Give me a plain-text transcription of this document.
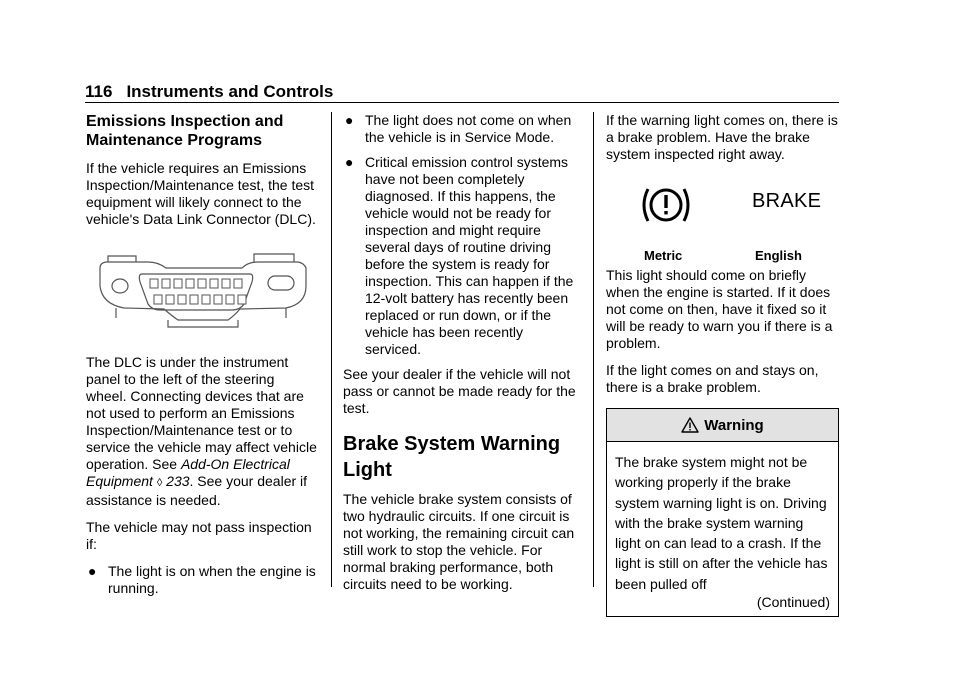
116 Instruments and Controls
Emissions Inspection and Maintenance Programs

If the vehicle requires an Emissions Inspection/Maintenance test, the test equipment will likely connect to the vehicle's Data Link Connector (DLC).

The DLC is under the instrument panel to the left of the steering wheel. Connecting devices that are not used to perform an Emissions Inspection/Maintenance test or to service the vehicle may affect vehicle operation. See Add-On Electrical Equipment ◊ 233. See your dealer if assistance is needed.

The vehicle may not pass inspection if:

● The light is on when the engine is running.
● The light does not come on when the vehicle is in Service Mode.
● Critical emission control systems have not been completely diagnosed. If this happens, the vehicle would not be ready for inspection and might require several days of routine driving before the system is ready for inspection. This can happen if the 12-volt battery has recently been replaced or run down, or if the vehicle has been recently serviced.

See your dealer if the vehicle will not pass or cannot be made ready for the test.

Brake System Warning Light

The vehicle brake system consists of two hydraulic circuits. If one circuit is not working, the remaining circuit can still work to stop the vehicle. For normal braking performance, both circuits need to be working.

If the warning light comes on, there is a brake problem. Have the brake system inspected right away.

BRAKE
Metric	English

This light should come on briefly when the engine is started. If it does not come on then, have it fixed so it will be ready to warn you if there is a problem.

If the light comes on and stays on, there is a brake problem.

Warning
The brake system might not be working properly if the brake system warning light is on. Driving with the brake system warning light on can lead to a crash. If the light is still on after the vehicle has been pulled off
(Continued)
